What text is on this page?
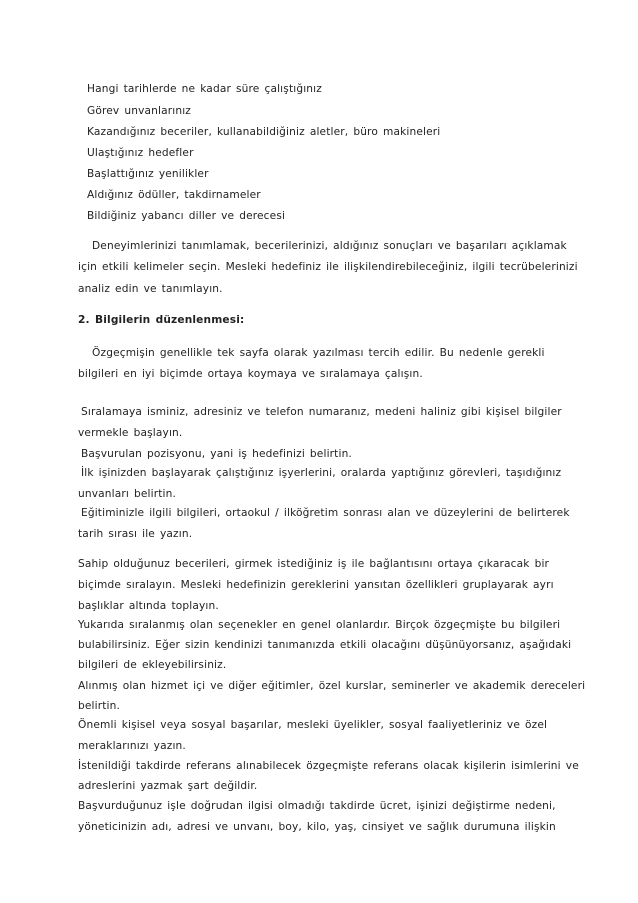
Hangi tarihlerde ne kadar süre çalıştığınız
Görev unvanlarınız
Kazandığınız beceriler, kullanabildiğiniz aletler, büro makineleri
Ulaştığınız hedefler
Başlattığınız yenilikler
Aldığınız ödüller, takdirnameler
Bildiğiniz yabancı diller ve derecesi
Deneyimlerinizi tanımlamak, becerilerinizi, aldığınız sonuçları ve başarıları açıklamak
için etkili kelimeler seçin. Mesleki hedefiniz ile ilişkilendirebileceğiniz, ilgili tecrübelerinizi
analiz edin ve tanımlayın.
2. Bilgilerin düzenlenmesi:
Özgeçmişin genellikle tek sayfa olarak yazılması tercih edilir. Bu nedenle gerekli
bilgileri en iyi biçimde ortaya koymaya ve sıralamaya çalışın.
Sıralamaya isminiz, adresiniz ve telefon numaranız, medeni haliniz gibi kişisel bilgiler
vermekle başlayın.
Başvurulan pozisyonu, yani iş hedefinizi belirtin.
İlk işinizden başlayarak çalıştığınız işyerlerini, oralarda yaptığınız görevleri, taşıdığınız
unvanları belirtin.
Eğitiminizle ilgili bilgileri, ortaokul / ilköğretim sonrası alan ve düzeylerini de belirterek
tarih sırası ile yazın.
Sahip olduğunuz becerileri, girmek istediğiniz iş ile bağlantısını ortaya çıkaracak bir
biçimde sıralayın. Mesleki hedefinizin gereklerini yansıtan özellikleri gruplayarak ayrı
başlıklar altında toplayın.
Yukarıda sıralanmış olan seçenekler en genel olanlardır. Birçok özgeçmişte bu bilgileri
bulabilirsiniz. Eğer sizin kendinizi tanımanızda etkili olacağını düşünüyorsanız, aşağıdaki
bilgileri de ekleyebilirsiniz.
Alınmış olan hizmet içi ve diğer eğitimler, özel kurslar, seminerler ve akademik dereceleri
belirtin.
Önemli kişisel veya sosyal başarılar, mesleki üyelikler, sosyal faaliyetleriniz ve özel
meraklarınızı yazın.
İstenildiği takdirde referans alınabilecek özgeçmişte referans olacak kişilerin isimlerini ve
adreslerini yazmak şart değildir.
Başvurduğunuz işle doğrudan ilgisi olmadığı takdirde ücret, işinizi değiştirme nedeni,
yöneticinizin adı, adresi ve unvanı, boy, kilo, yaş, cinsiyet ve sağlık durumuna ilişkin
